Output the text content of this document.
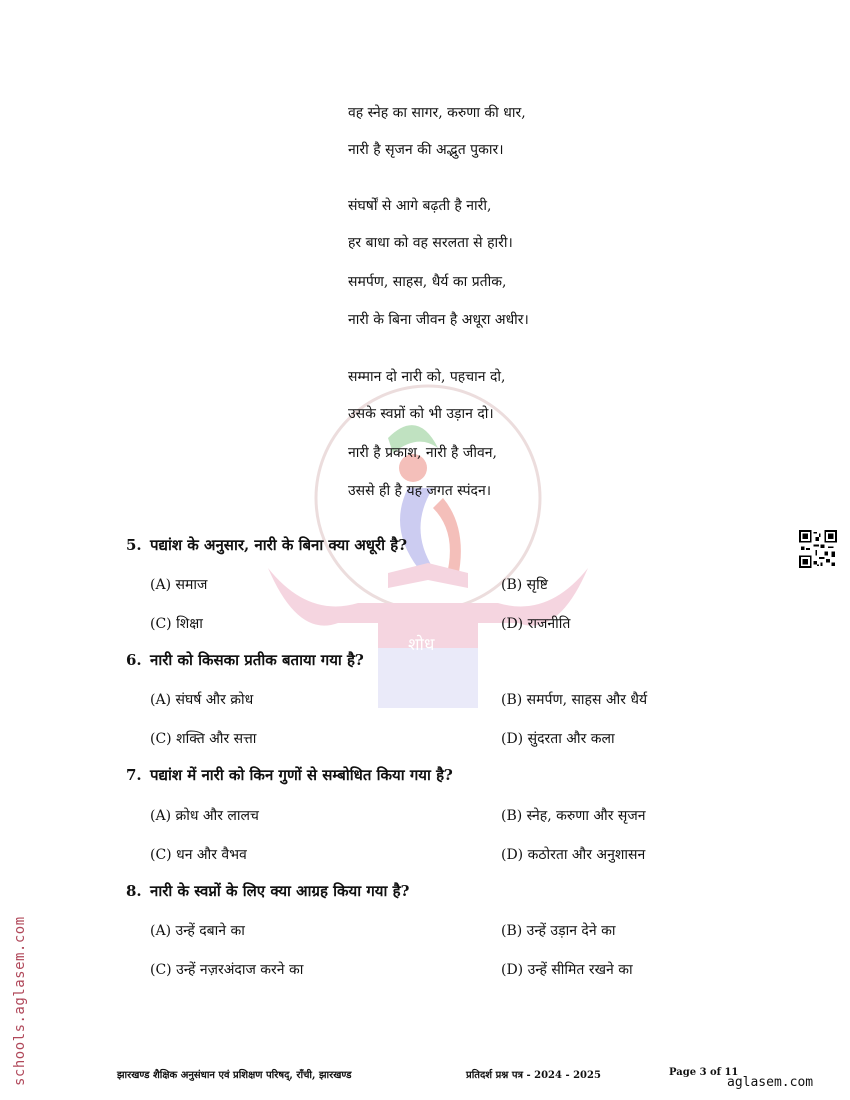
नवोन्मेष	शोध	नेतृत्व
वह स्नेह का सागर, करुणा की धार,
नारी है सृजन की अद्भुत पुकार।
संघर्षों से आगे बढ़ती है नारी,
हर बाधा को वह सरलता से हारी।
समर्पण, साहस, धैर्य का प्रतीक,
नारी के बिना जीवन है अधूरा अधीर।
सम्मान दो नारी को, पहचान दो,
उसके स्वप्नों को भी उड़ान दो।
नारी है प्रकाश, नारी है जीवन,
उससे ही है यह जगत स्पंदन।
5. पद्यांश के अनुसार, नारी के बिना क्या अधूरी है?
(A) समाज	(B) सृष्टि
(C) शिक्षा	(D) राजनीति
6. नारी को किसका प्रतीक बताया गया है?
(A) संघर्ष और क्रोध	(B) समर्पण, साहस और धैर्य
(C) शक्ति और सत्ता	(D) सुंदरता और कला
7. पद्यांश में नारी को किन गुणों से सम्बोधित किया गया है?
(A) क्रोध और लालच	(B) स्नेह, करुणा और सृजन
(C) धन और वैभव	(D) कठोरता और अनुशासन
8. नारी के स्वप्नों के लिए क्या आग्रह किया गया है?
(A) उन्हें दबाने का	(B) उन्हें उड़ान देने का
(C) उन्हें नज़रअंदाज करने का	(D) उन्हें सीमित रखने का
schools.aglasem.com	झारखण्ड शैक्षिक अनुसंधान एवं प्रशिक्षण परिषद्, राँची, झारखण्ड	प्रतिदर्श प्रश्न पत्र - 2024 - 2025	Page 3 of 11
aglasem.com
